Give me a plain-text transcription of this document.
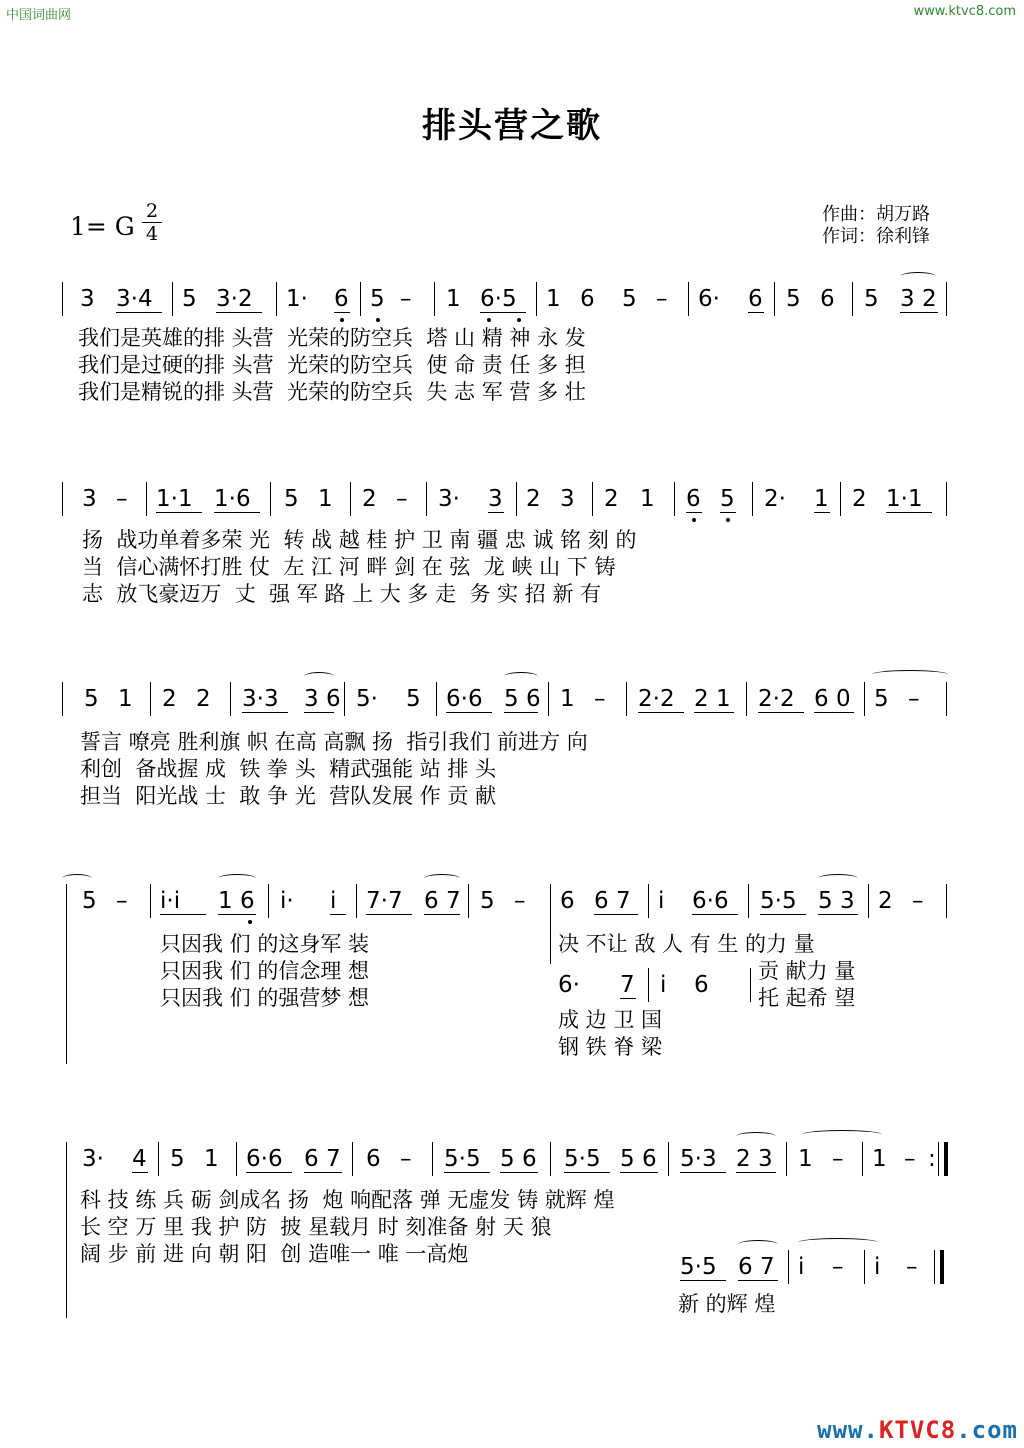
中国词曲网	www.ktvc8.com
排头营之歌
1= G
2
4
作曲：胡万路
作词：徐利锋
3 3·4 5 3·2 1· 6 5 – 1 6·5 1 6 5 – 6· 6 5 6 5 3 2
我们是英雄的排 头营  光荣的防空兵  塔 山 精 神 永 发
我们是过硬的排 头营  光荣的防空兵  使 命 责 任 多 担
我们是精锐的排 头营  光荣的防空兵  失 志 军 营 多 壮
3 – 1·1 1·6 5 1 2 – 3· 3 2 3 2 1 6 5 2· 1 2 1·1
扬  战功单着多荣 光  转 战 越 桂 护 卫 南 疆 忠 诚 铭 刻 的
当  信心满怀打胜 仗  左 江 河 畔 剑 在 弦  龙 峡 山 下 铸
志  放飞豪迈万  丈  强 军 路 上 大 多 走  务 实 招 新 有
5 1 2 2 3·3 3 6 5· 5 6·6 5 6 1 – 2·2 2 1 2·2 6 0 5 –
誓言 嘹亮 胜利旗 帜 在高 高飘 扬  指引我们 前进方 向
利创  备战握 成  铁 拳 头  精武强能 站 排 头
担当  阳光战 士  敢 争 光  营队发展 作 贡 献
5 – i·i 1 6 i· i 7·7 6 7 5 – 6 6 7 i 6·6 5·5 5 3 2 –
只因我 们 的这身军 装
只因我 们 的信念理 想
只因我 们 的强营梦 想
决 不让 敌 人 有 生 的力 量
贡 献力 量
托 起希 望
6· 7 i 6
成 边 卫 国
钢 铁 脊 梁
3· 4 5 1 6·6 6 7 6 – 5·5 5 6 5·5 5 6 5·3 2 3 1 – 1 – :
科 技 练 兵 砺 剑成名 扬  炮 响配落 弹 无虚发 铸 就辉 煌
长 空 万 里 我 护 防  披 星载月 时 刻准备 射 天 狼
阔 步 前 进 向 朝 阳  创 造唯一 唯 一高炮	5·5 6 7 i – i –
新 的辉 煌
www.KTVC8.com
